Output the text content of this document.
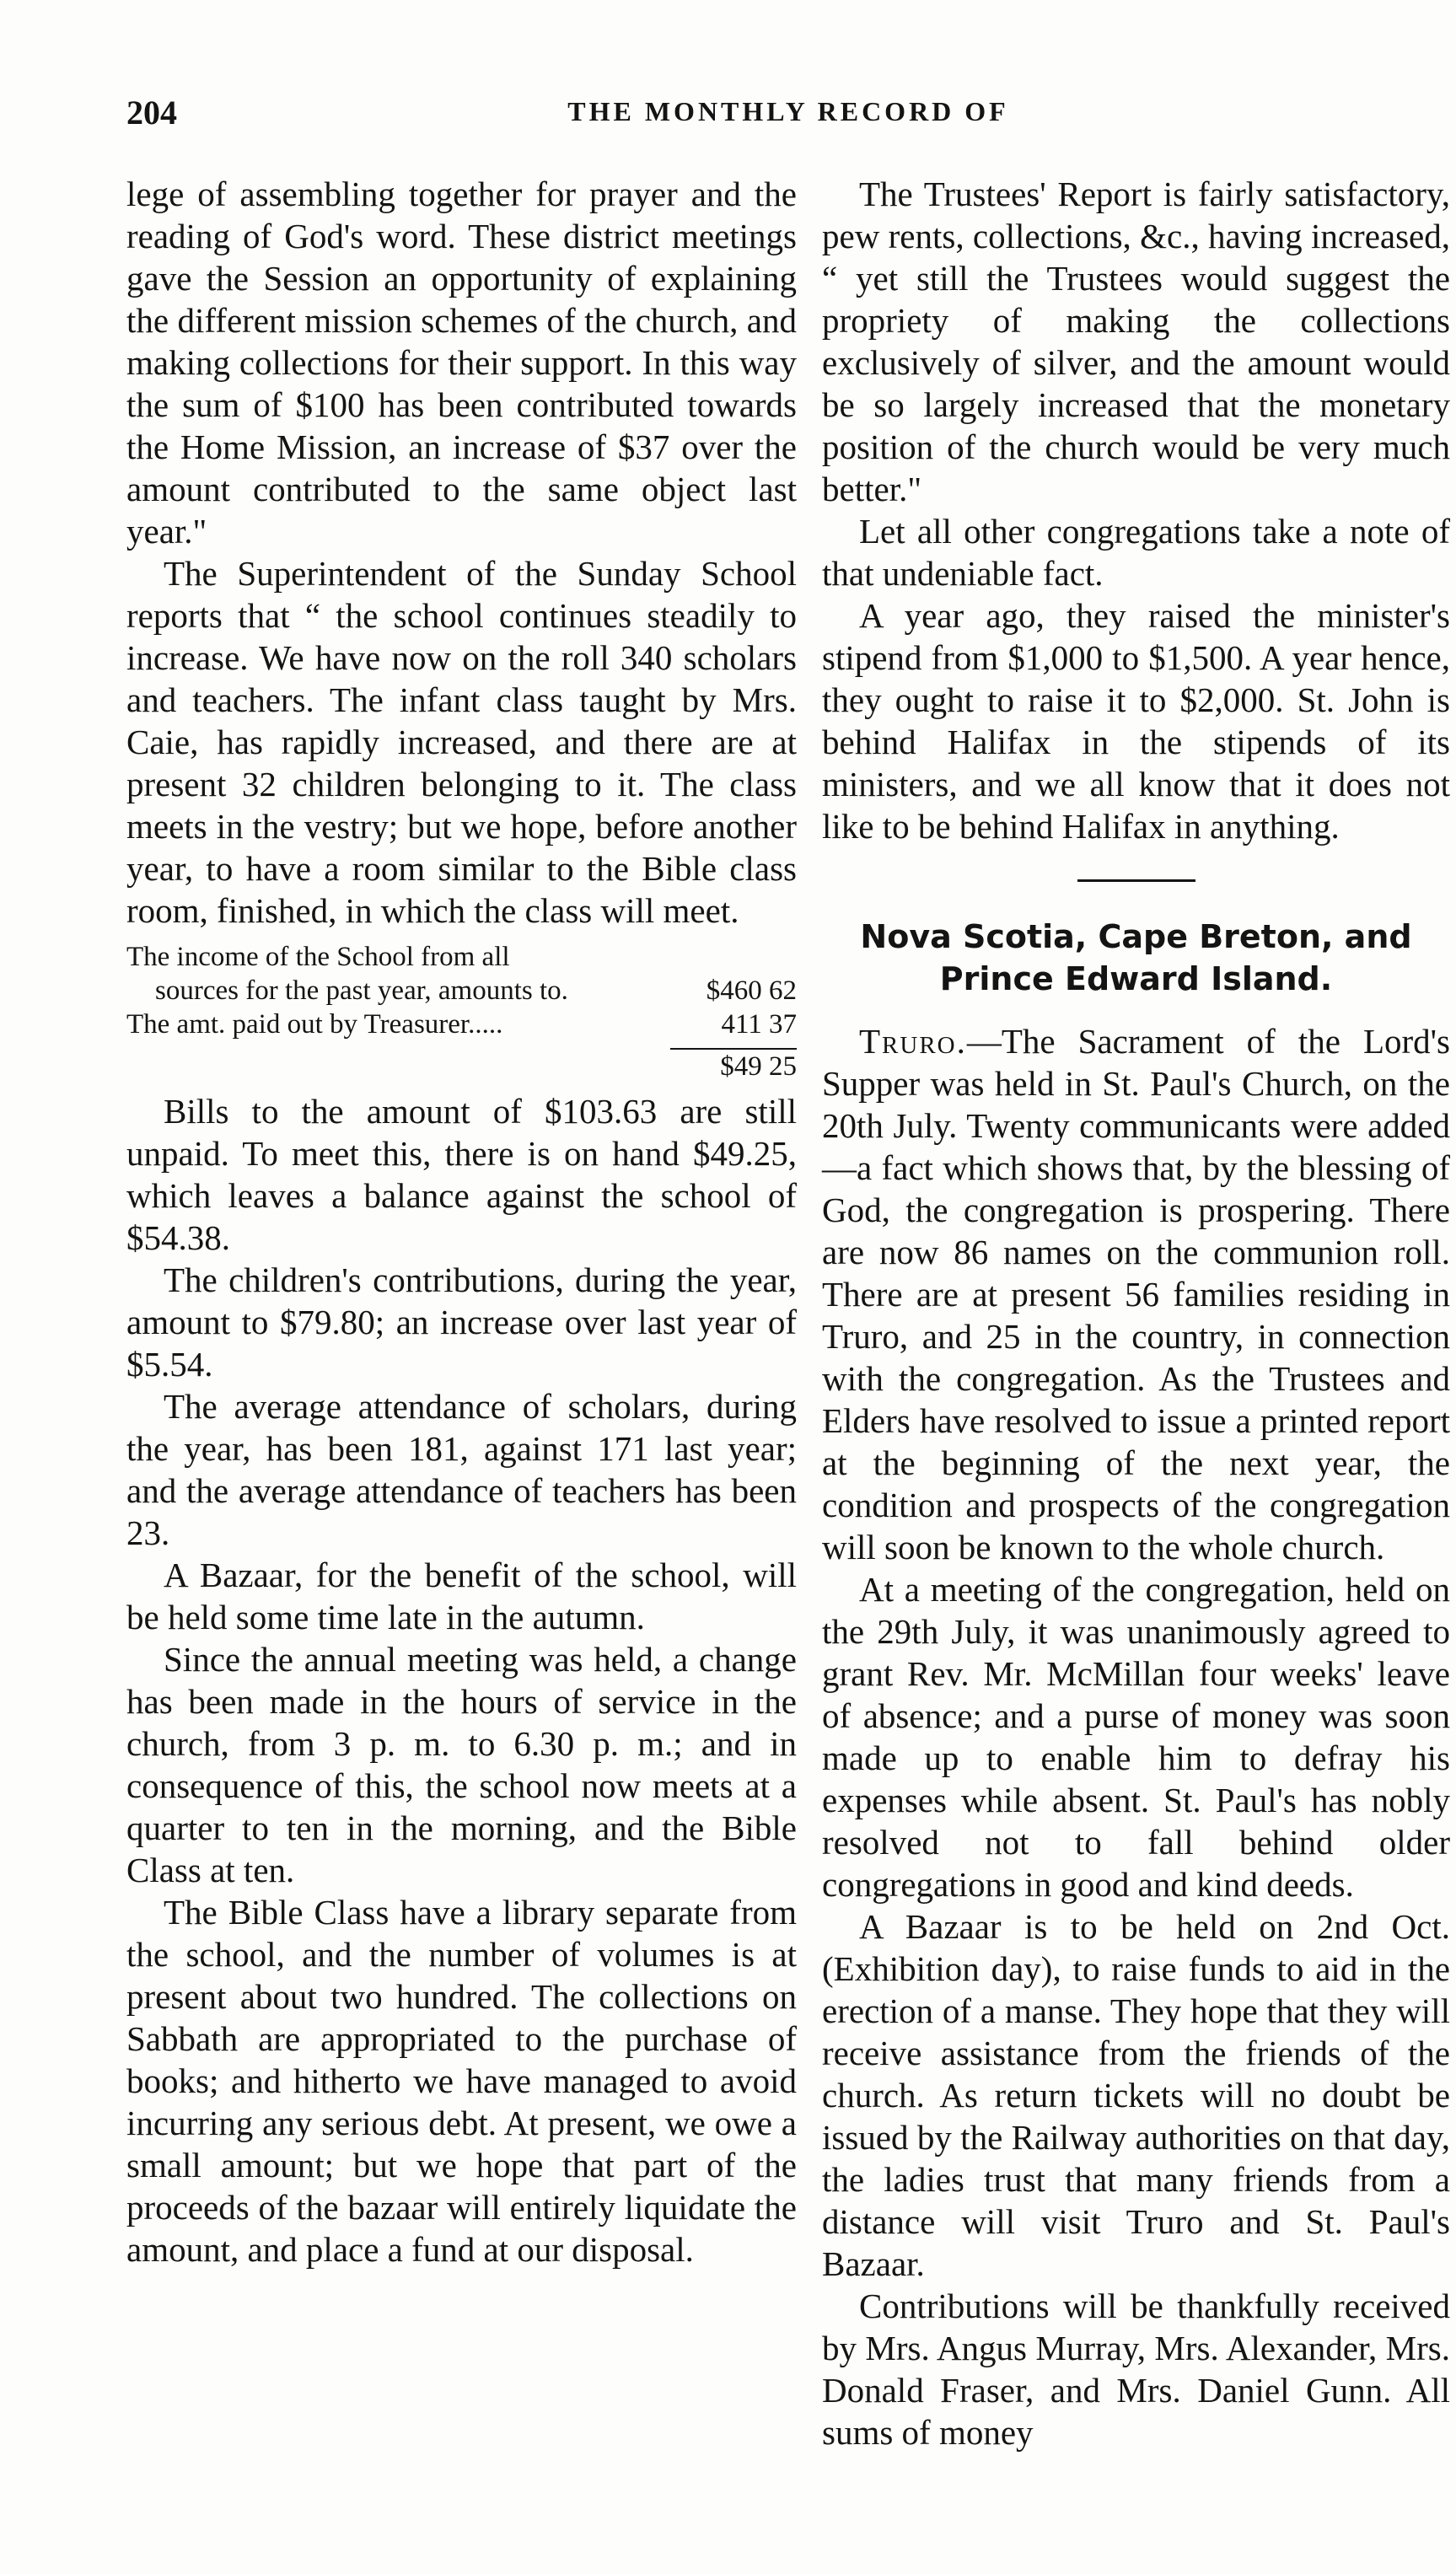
204	THE MONTHLY RECORD OF

lege of assembling together for prayer and the reading of God's word. These district meetings gave the Session an opportunity of explaining the different mission schemes of the church, and making collections for their support. In this way the sum of $100 has been contributed towards the Home Mission, an increase of $37 over the amount contributed to the same object last year."

The Superintendent of the Sunday School reports that “ the school continues steadily to increase. We have now on the roll 340 scholars and teachers. The infant class taught by Mrs. Caie, has rapidly increased, and there are at present 32 children belonging to it. The class meets in the vestry; but we hope, before another year, to have a room similar to the Bible class room, finished, in which the class will meet.

The income of the School from all
sources for the past year, amounts to.	$460 62
The amt. paid out by Treasurer.....	411 37
$49 25

Bills to the amount of $103.63 are still unpaid. To meet this, there is on hand $49.25, which leaves a balance against the school of $54.38.

The children's contributions, during the year, amount to $79.80; an increase over last year of $5.54.

The average attendance of scholars, during the year, has been 181, against 171 last year; and the average attendance of teachers has been 23.

A Bazaar, for the benefit of the school, will be held some time late in the autumn.

Since the annual meeting was held, a change has been made in the hours of service in the church, from 3 p. m. to 6.30 p. m.; and in consequence of this, the school now meets at a quarter to ten in the morning, and the Bible Class at ten.

The Bible Class have a library separate from the school, and the number of volumes is at present about two hundred. The collections on Sabbath are appropriated to the purchase of books; and hitherto we have managed to avoid incurring any serious debt. At present, we owe a small amount; but we hope that part of the proceeds of the bazaar will entirely liquidate the amount, and place a fund at our disposal.

The Trustees' Report is fairly satisfactory, pew rents, collections, &c., having increased, “ yet still the Trustees would suggest the propriety of making the collections exclusively of silver, and the amount would be so largely increased that the monetary position of the church would be very much better."

Let all other congregations take a note of that undeniable fact.

A year ago, they raised the minister's stipend from $1,000 to $1,500. A year hence, they ought to raise it to $2,000. St. John is behind Halifax in the stipends of its ministers, and we all know that it does not like to be behind Halifax in anything.

Nova Scotia, Cape Breton, and
Prince Edward Island.

Truro.—The Sacrament of the Lord's Supper was held in St. Paul's Church, on the 20th July. Twenty communicants were added—a fact which shows that, by the blessing of God, the congregation is prospering. There are now 86 names on the communion roll. There are at present 56 families residing in Truro, and 25 in the country, in connection with the congregation. As the Trustees and Elders have resolved to issue a printed report at the beginning of the next year, the condition and prospects of the congregation will soon be known to the whole church.

At a meeting of the congregation, held on the 29th July, it was unanimously agreed to grant Rev. Mr. McMillan four weeks' leave of absence; and a purse of money was soon made up to enable him to defray his expenses while absent. St. Paul's has nobly resolved not to fall behind older congregations in good and kind deeds.

A Bazaar is to be held on 2nd Oct. (Exhibition day), to raise funds to aid in the erection of a manse. They hope that they will receive assistance from the friends of the church. As return tickets will no doubt be issued by the Railway authorities on that day, the ladies trust that many friends from a distance will visit Truro and St. Paul's Bazaar.

Contributions will be thankfully received by Mrs. Angus Murray, Mrs. Alexander, Mrs. Donald Fraser, and Mrs. Daniel Gunn. All sums of money
